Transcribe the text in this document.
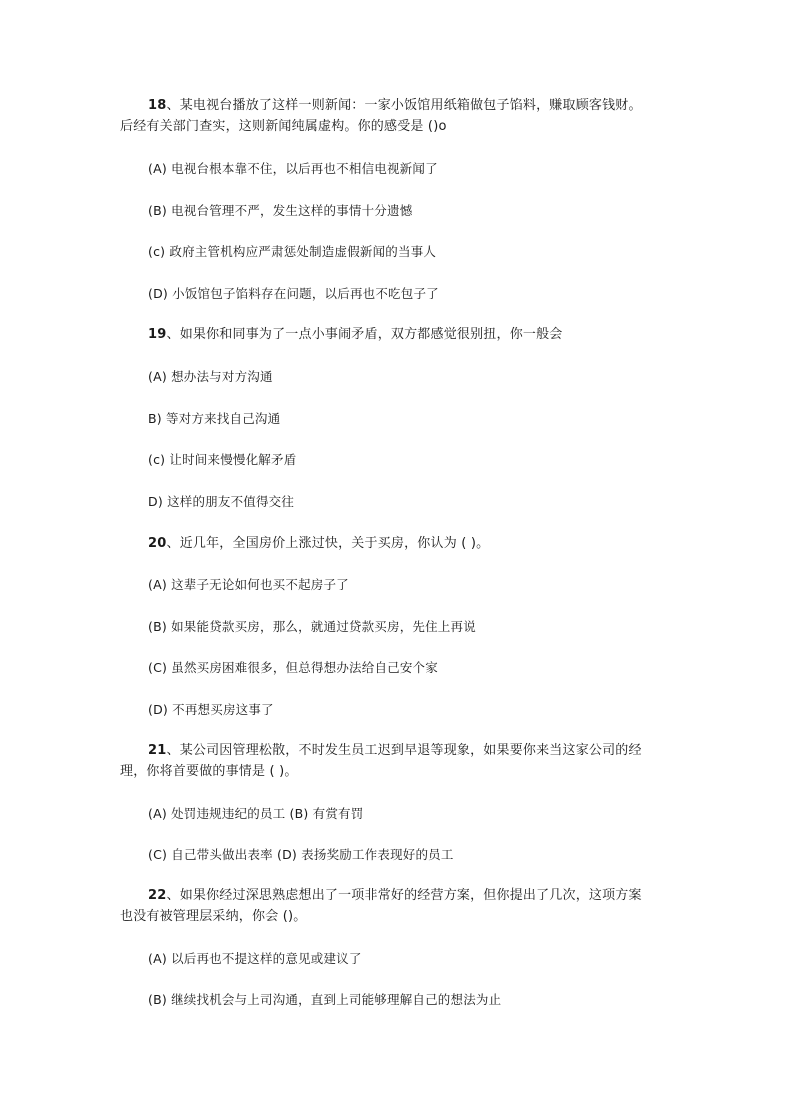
18、某电视台播放了这样一则新闻：一家小饭馆用纸箱做包子馅料，赚取顾客钱财。
后经有关部门查实，这则新闻纯属虚构。你的感受是 ()o
(A) 电视台根本靠不住，以后再也不相信电视新闻了
(B) 电视台管理不严，发生这样的事情十分遗憾
(c) 政府主管机构应严肃惩处制造虚假新闻的当事人
(D) 小饭馆包子馅料存在问题，以后再也不吃包子了
19、如果你和同事为了一点小事闹矛盾，双方都感觉很别扭，你一般会
(A) 想办法与对方沟通
B) 等对方来找自己沟通
(c) 让时间来慢慢化解矛盾
D) 这样的朋友不值得交往
20、近几年，全国房价上涨过快，关于买房，你认为 ( )。
(A) 这辈子无论如何也买不起房子了
(B) 如果能贷款买房，那么，就通过贷款买房，先住上再说
(C) 虽然买房困难很多，但总得想办法给自己安个家
(D) 不再想买房这事了
21、某公司因管理松散，不时发生员工迟到早退等现象，如果要你来当这家公司的经
理，你将首要做的事情是 ( )。
(A) 处罚违规违纪的员工 (B) 有赏有罚
(C) 自己带头做出表率 (D) 表扬奖励工作表现好的员工
22、如果你经过深思熟虑想出了一项非常好的经营方案，但你提出了几次，这项方案
也没有被管理层采纳，你会 ()。
(A) 以后再也不提这样的意见或建议了
(B) 继续找机会与上司沟通，直到上司能够理解自己的想法为止
